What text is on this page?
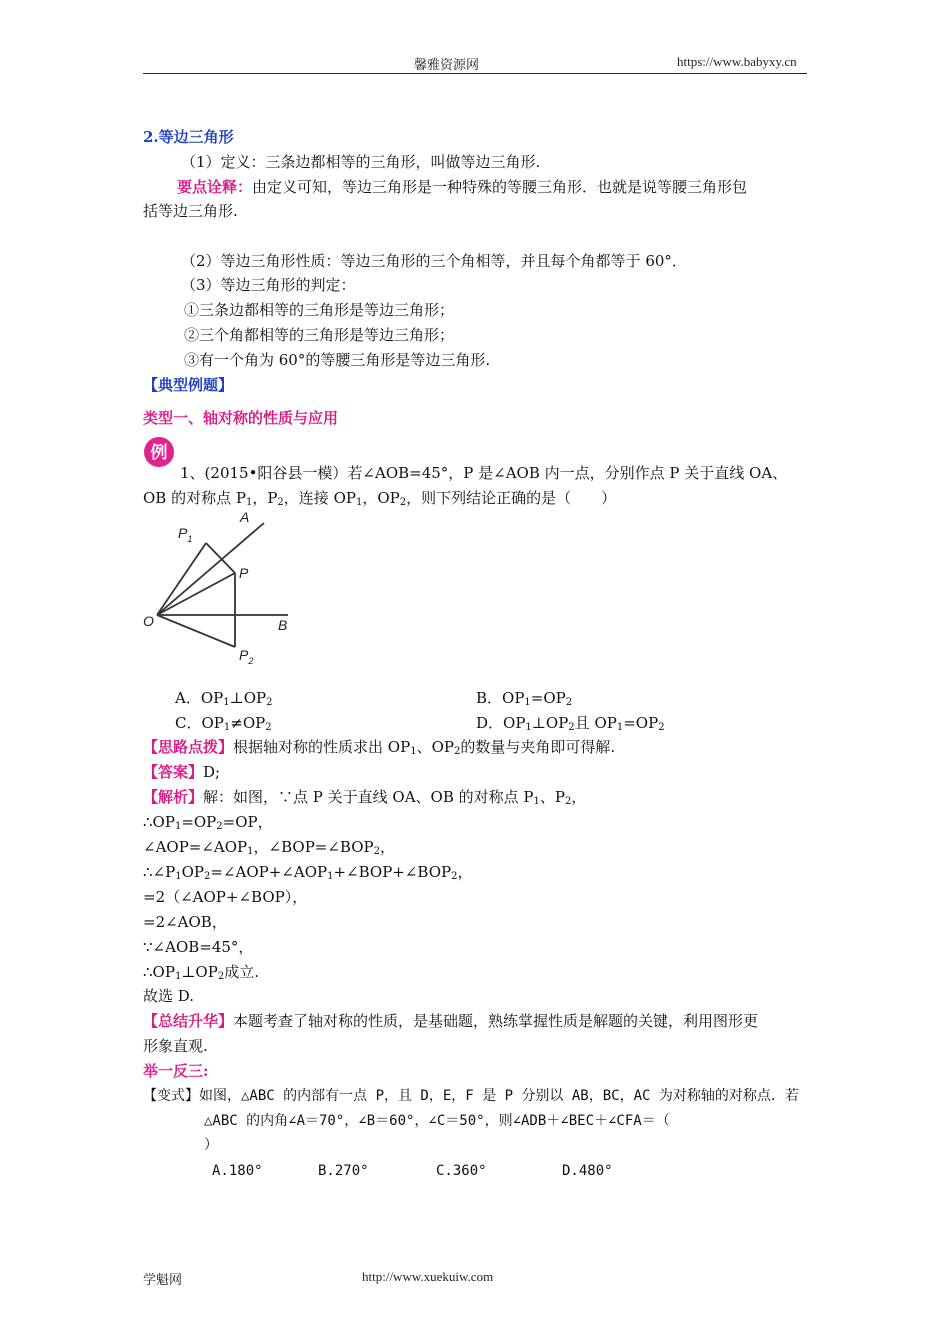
馨雅资源网	https://www.babyxy.cn
2.等边三角形
（1）定义：三条边都相等的三角形，叫做等边三角形.
要点诠释：由定义可知，等边三角形是一种特殊的等腰三角形．也就是说等腰三角形包
括等边三角形.
（2）等边三角形性质：等边三角形的三个角相等，并且每个角都等于 60°．
（3）等边三角形的判定：
①三条边都相等的三角形是等边三角形；
②三个角都相等的三角形是等边三角形；
③有一个角为 60°的等腰三角形是等边三角形.
【典型例题】
类型一、轴对称的性质与应用
例
1、(2015•阳谷县一模）若∠AOB=45°，P 是∠AOB 内一点，分别作点 P 关于直线 OA、
OB 的对称点 $P_1$，$P_2$，连接 $OP_1$，$OP_2$，则下列结论正确的是（　　）
A
$P_1$
P
O	B
$P_2$
A．$OP_1\perp OP_2$	B．$OP_1=OP_2$
C．$OP_1\ne OP_2$	D．$OP_1\perp OP_2$且 $OP_1=OP_2$
【思路点拨】根据轴对称的性质求出 $OP_1$、$OP_2$的数量与夹角即可得解.
【答案】D;
【解析】解：如图，∵点 P 关于直线 OA、OB 的对称点 $P_1$、$P_2$，
$\therefore OP_1=OP_2=OP$，
$\angle AOP=\angle AOP_1$，$\angle BOP=\angle BOP_2$，
$\therefore\angle P_1OP_2=\angle AOP+\angle AOP_1+\angle BOP+\angle BOP_2$，
=2（∠AOP+∠BOP），
=2∠AOB，
∵∠AOB=45°，
$\therefore OP_1\perp OP_2$成立.
故选 D.
【总结升华】本题考查了轴对称的性质，是基础题，熟练掌握性质是解题的关键，利用图形更
形象直观.
举一反三:
【变式】如图，△ABC 的内部有一点 P，且 D，E，F 是 P 分别以 AB，BC，AC 为对称轴的对称点．若
△ABC 的内角∠A＝70°，∠B＝60°，∠C＝50°，则∠ADB＋∠BEC＋∠CFA＝（
）
A.180°	B.270°	C.360°	D.480°
学魁网	http://www.xuekuiw.com
